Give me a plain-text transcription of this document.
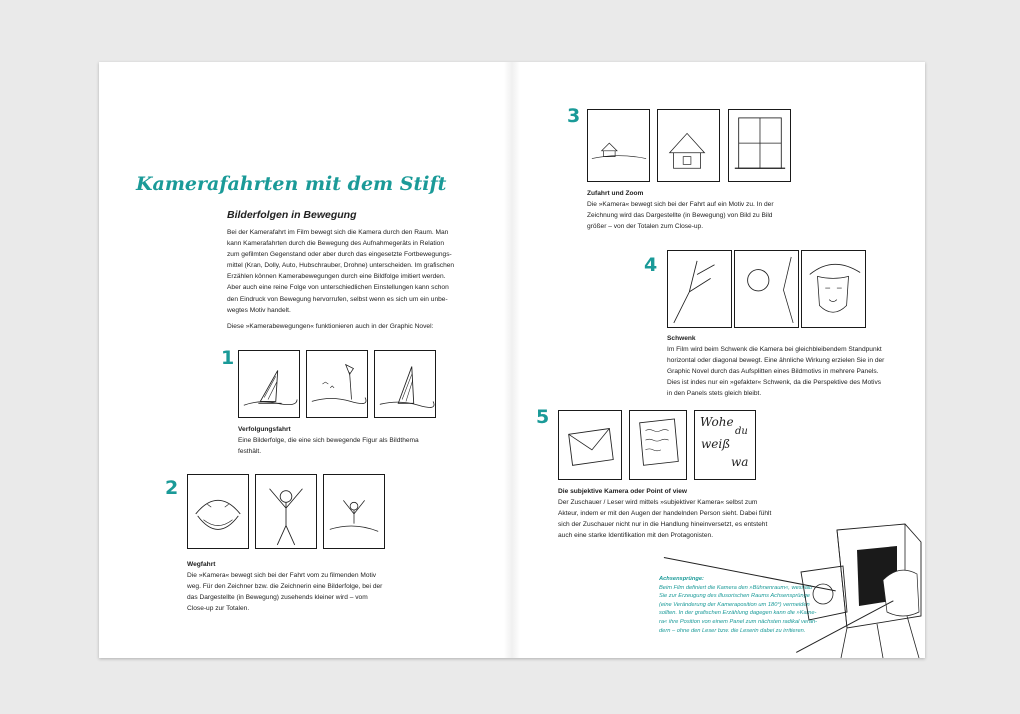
Kamerafahrten mit dem Stift
Bilderfolgen in Bewegung
Bei der Kamerafahrt im Film bewegt sich die Kamera durch den Raum. Man
kann Kamerafahrten durch die Bewegung des Aufnahmegeräts in Relation
zum gefilmten Gegenstand oder aber durch das eingesetzte Fortbewegungs-
mittel (Kran, Dolly, Auto, Hubschrauber, Drohne) unterscheiden. Im grafischen
Erzählen können Kamerabewegungen durch eine Bildfolge imitiert werden.
Aber auch eine reine Folge von unterschiedlichen Einstellungen kann schon
den Eindruck von Bewegung hervorrufen, selbst wenn es sich um ein unbe-
wegtes Motiv handelt.
Diese »Kamerabewegungen« funktionieren auch in der Graphic Novel:
1
Verfolgungsfahrt
Eine Bilderfolge, die eine sich bewegende Figur als Bildthema
festhält.
2
Wegfahrt
Die »Kamera« bewegt sich bei der Fahrt vom zu filmenden Motiv
weg. Für den Zeichner bzw. die Zeichnerin eine Bilderfolge, bei der
das Dargestellte (in Bewegung) zusehends kleiner wird – vom
Close-up zur Totalen.
3
Zufahrt und Zoom
Die »Kamera« bewegt sich bei der Fahrt auf ein Motiv zu. In der
Zeichnung wird das Dargestellte (in Bewegung) von Bild zu Bild
größer – von der Totalen zum Close-up.
4
Schwenk
Im Film wird beim Schwenk die Kamera bei gleichbleibendem Standpunkt
horizontal oder diagonal bewegt. Eine ähnliche Wirkung erzielen Sie in der
Graphic Novel durch das Aufsplitten eines Bildmotivs in mehrere Panels.
Dies ist indes nur ein »gefakter« Schwenk, da die Perspektive des Motivs
in den Panels stets gleich bleibt.
5	Wohe
du
weiß
wa
Die subjektive Kamera oder Point of view
Der Zuschauer / Leser wird mittels »subjektiver Kamera« selbst zum
Akteur, indem er mit den Augen der handelnden Person sieht. Dabei fühlt
sich der Zuschauer nicht nur in die Handlung hineinversetzt, es entsteht
auch eine starke Identifikation mit den Protagonisten.
Achsensprünge:
Beim Film definiert die Kamera den »Bühnenraum«, weshalb
Sie zur Erzeugung des illusorischen Raums Achsensprünge
(eine Veränderung der Kameraposition um 180°) vermeiden
sollten. In der grafischen Erzählung dagegen kann die »Kame-
ra« ihre Position von einem Panel zum nächsten radikal verän-
dern – ohne den Leser bzw. die Leserin dabei zu irritieren.
